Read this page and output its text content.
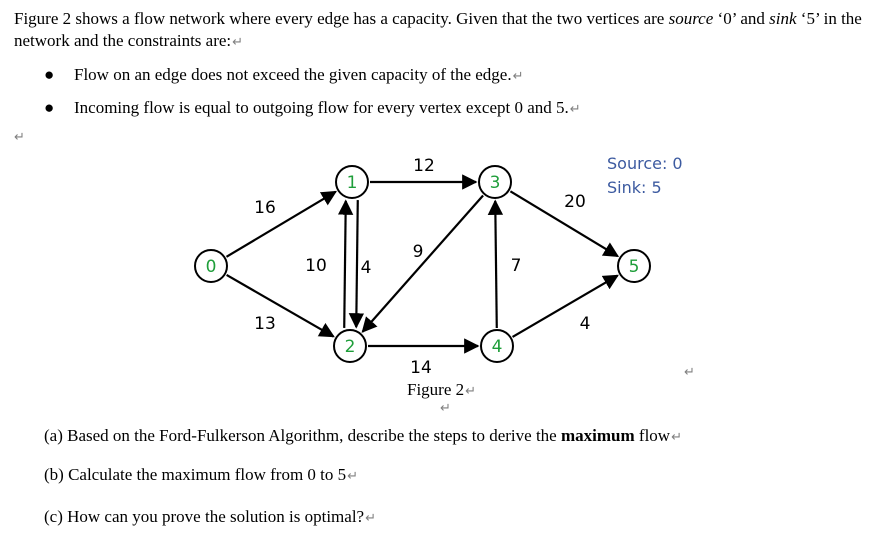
Figure 2 shows a flow network where every edge has a capacity. Given that the two vertices are source ‘0’ and sink ‘5’ in the network and the constraints are:↵
● Flow on an edge does not exceed the given capacity of the edge.↵
● Incoming flow is equal to outgoing flow for every vertex except 0 and 5.↵
↵
16
13
10 4
12
9
14
7
20
4
0
1
2
3
4
5
Figure 2↵
↵
↵
Source: 0
Sink: 5
(a) Based on the Ford-Fulkerson Algorithm, describe the steps to derive the maximum flow↵
(b) Calculate the maximum flow from 0 to 5↵
(c) How can you prove the solution is optimal?↵
